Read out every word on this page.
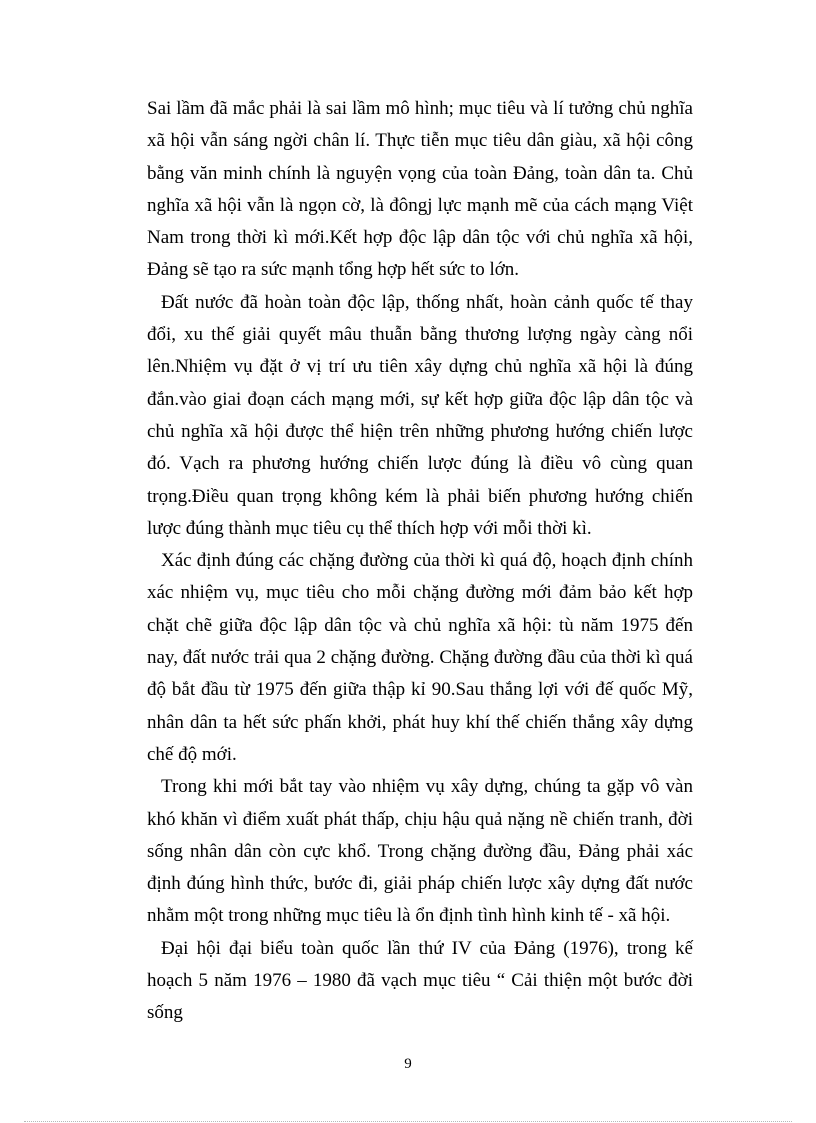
Sai lầm đã mắc phải là sai lầm mô hình; mục tiêu và lí tưởng chủ nghĩa xã hội vẫn sáng ngời chân lí. Thực tiễn mục tiêu dân giàu, xã hội công bằng văn minh chính là nguyện vọng của toàn Đảng, toàn dân ta. Chủ nghĩa xã hội vẫn là ngọn cờ, là đôngj lực mạnh mẽ của cách mạng Việt Nam trong thời kì mới.Kết hợp độc lập dân tộc với chủ nghĩa xã hội, Đảng sẽ tạo ra sức mạnh tổng hợp hết sức to lớn.

Đất nước đã hoàn toàn độc lập, thống nhất, hoàn cảnh quốc tế thay đổi, xu thế giải quyết mâu thuẫn bằng thương lượng ngày càng nổi lên.Nhiệm vụ đặt ở vị trí ưu tiên xây dựng chủ nghĩa xã hội là đúng đắn.vào giai đoạn cách mạng mới, sự kết hợp giữa độc lập dân tộc và chủ nghĩa xã hội được thể hiện trên những phương hướng chiến lược đó. Vạch ra phương hướng chiến lược đúng là điều vô cùng quan trọng.Điều quan trọng không kém là phải biến phương hướng chiến lược đúng thành mục tiêu cụ thể thích hợp với mỗi thời kì.

Xác định đúng các chặng đường của thời kì quá độ, hoạch định chính xác nhiệm vụ, mục tiêu cho mỗi chặng đường mới đảm bảo kết hợp chặt chẽ giữa độc lập dân tộc và chủ nghĩa xã hội: tù năm 1975 đến nay, đất nước trải qua 2 chặng đường. Chặng đường đầu của thời kì quá độ bắt đầu từ 1975 đến giữa thập kỉ 90.Sau thắng lợi với đế quốc Mỹ, nhân dân ta hết sức phấn khởi, phát huy khí thế chiến thắng xây dựng chế độ mới.

Trong khi mới bắt tay vào nhiệm vụ xây dựng, chúng ta gặp vô vàn khó khăn vì điểm xuất phát thấp, chịu hậu quả nặng nề chiến tranh, đời sống nhân dân còn cực khổ. Trong chặng đường đầu, Đảng phải xác định đúng hình thức, bước đi, giải pháp chiến lược xây dựng đất nước nhằm một trong những mục tiêu là ổn định tình hình kinh tế - xã hội.

Đại hội đại biểu toàn quốc lần thứ IV của Đảng (1976), trong kế hoạch 5 năm 1976 – 1980 đã vạch mục tiêu “ Cải thiện một bước đời sống

9
